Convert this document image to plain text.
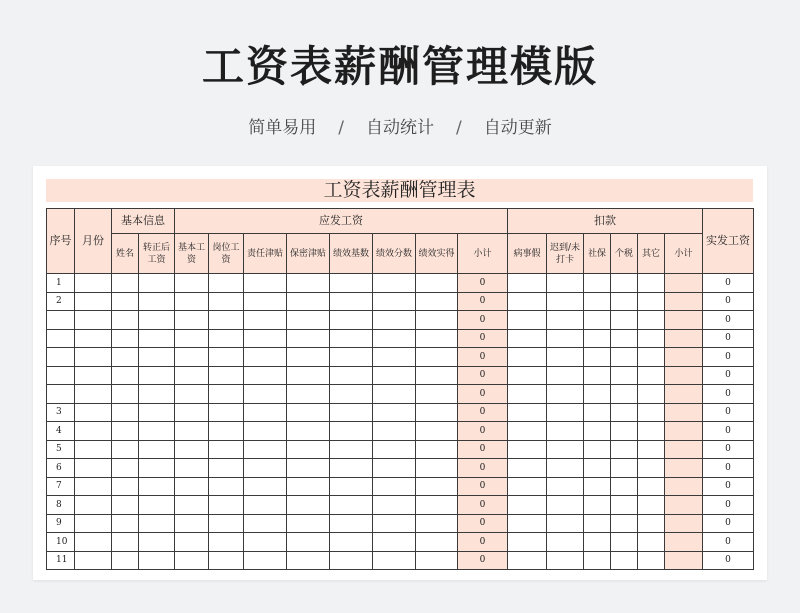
工资表薪酬管理模版
简单易用 / 自动统计 / 自动更新
工资表薪酬管理表
序号	月份	基本信息		应发工资								扣款						实发工资
		姓名	转正后工资	基本工资	岗位工资	责任津贴	保密津贴	绩效基数	绩效分数	绩效实得	小计	病事假	迟到/未打卡	社保	个税	其它	小计	
1											0							0
2											0							0
											0							0
											0							0
											0							0
											0							0
											0							0
3											0							0
4											0							0
5											0							0
6											0							0
7											0							0
8											0							0
9											0							0
10											0							0
11											0							0
